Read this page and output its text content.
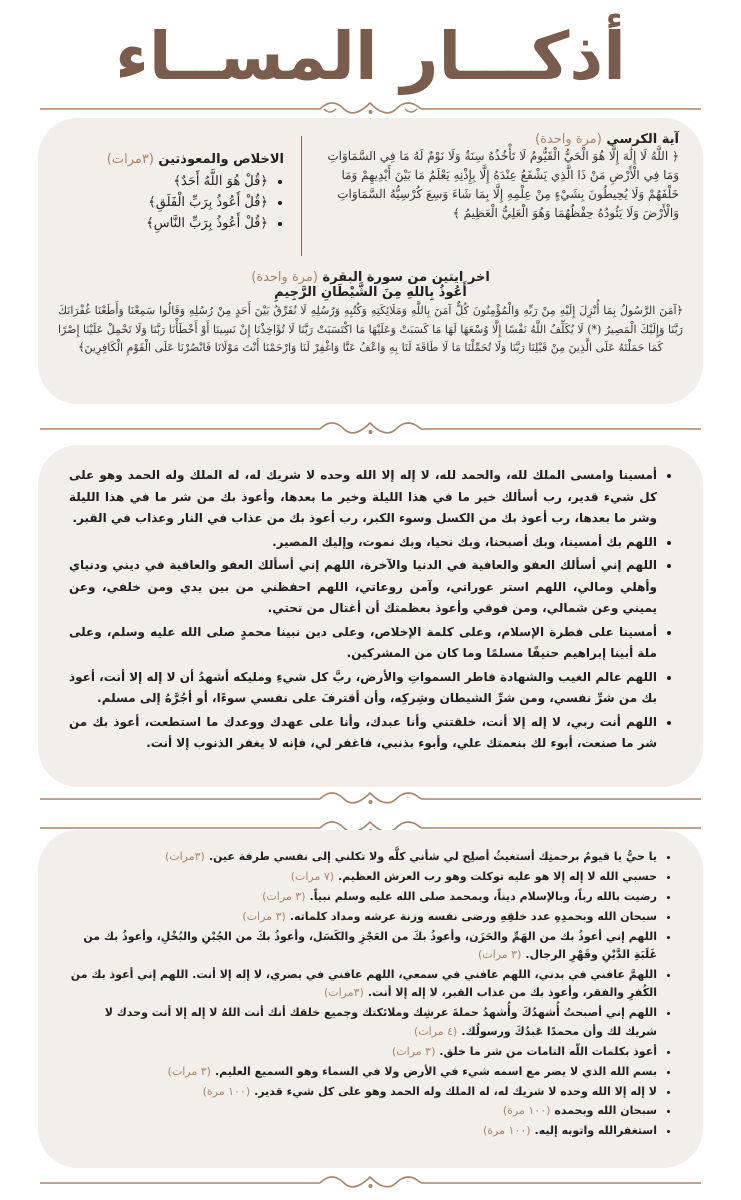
أذكـــار المســاء
آية الكرسي (مرة واحدة)
﴿ اللَّهُ لَا إِلَٰهَ إِلَّا هُوَ الْحَيُّ الْقَيُّومُ لَا تَأْخُذُهُ سِنَةٌ وَلَا نَوْمٌ لَهُ مَا فِي السَّمَاوَاتِ وَمَا فِي الْأَرْضِ مَنْ ذَا الَّذِي يَشْفَعُ عِنْدَهُ إِلَّا بِإِذْنِهِ يَعْلَمُ مَا بَيْنَ أَيْدِيهِمْ وَمَا خَلْفَهُمْ وَلَا يُحِيطُونَ بِشَيْءٍ مِنْ عِلْمِهِ إِلَّا بِمَا شَاءَ وَسِعَ كُرْسِيُّهُ السَّمَاوَاتِ وَالْأَرْضَ وَلَا يَئُودُهُ حِفْظُهُمَا وَهُوَ الْعَلِيُّ الْعَظِيمُ ﴾
الاخلاص والمعوذتين (٣مرات)
• ﴿قُلْ هُوَ اللَّهُ أَحَدٌ﴾
• ﴿قُلْ أَعُوذُ بِرَبِّ الْفَلَقِ﴾
• ﴿قُلْ أَعُوذُ بِرَبِّ النَّاسِ﴾
اخر ايتين من سورة البقرة (مرة واحدة)
أَعُوذُ بِاللهِ مِنَ الشَّيْطَانِ الرَّجِيمِ
﴿آمَنَ الرَّسُولُ بِمَا أُنْزِلَ إِلَيْهِ مِنْ رَبِّهِ وَالْمُؤْمِنُونَ كُلٌّ آمَنَ بِاللَّهِ وَمَلَائِكَتِهِ وَكُتُبِهِ وَرُسُلِهِ لَا نُفَرِّقُ بَيْنَ أَحَدٍ مِنْ رُسُلِهِ وَقَالُوا سَمِعْنَا وَأَطَعْنَا غُفْرَانَكَ رَبَّنَا وَإِلَيْكَ الْمَصِيرُ (*) لَا يُكَلِّفُ اللَّهُ نَفْسًا إِلَّا وُسْعَهَا لَهَا مَا كَسَبَتْ وَعَلَيْهَا مَا اكْتَسَبَتْ رَبَّنَا لَا تُؤَاخِذْنَا إِنْ نَسِينَا أَوْ أَخْطَأْنَا رَبَّنَا وَلَا تَحْمِلْ عَلَيْنَا إِصْرًا كَمَا حَمَلْتَهُ عَلَى الَّذِينَ مِنْ قَبْلِنَا رَبَّنَا وَلَا تُحَمِّلْنَا مَا لَا طَاقَةَ لَنَا بِهِ وَاعْفُ عَنَّا وَاغْفِرْ لَنَا وَارْحَمْنَا أَنْتَ مَوْلَانَا فَانْصُرْنَا عَلَى الْقَوْمِ الْكَافِرِينَ﴾
• أمسينا وامسى الملك لله، والحمد لله، لا إله إلا الله وحده لا شريك له، له الملك وله الحمد وهو على كل شيء قدير، رب أسألك خير ما في هذا الليلة وخير ما بعدها، وأعوذ بك من شر ما في هذا الليلة وشر ما بعدها، رب أعوذ بك من الكسل وسوء الكبر، رب أعوذ بك من عذاب في النار وعذاب في القبر.
• اللهم بك أمسينا، وبك أصبحنا، وبك نحيا، وبك نموت، وإليك المصير.
• اللهم إني أسألك العفو والعافية في الدنيا والآخرة، اللهم إني أسألك العفو والعافية في ديني ودنياي وأهلي ومالي، اللهم استر عوراتي، وآمن روعاتي، اللهم احفظني من بين يدي ومن خلفي، وعن يميني وعن شمالي، ومن فوقي وأعوذ بعظمتك أن أغتال من تحتي.
• أمسينا على فطرة الإسلام، وعلى كلمة الإخلاص، وعلى دين نبينا محمدٍ صلى الله عليه وسلم، وعلى ملة أبينا إبراهيم حنيفًا مسلمًا وما كان من المشركين.
• اللهم عالم الغيب والشهادة فاطر السمواتِ والأرض، ربَّ كل شيءِ ومليكه أشهدُ أن لا إله إلا أنت، أعوذ بك من شرِّ نفسي، ومن شرِّ الشيطان وشِركِه، وأن أقترفَ على نفسي سوءًا، أو أجُرَّهُ إلى مسلم.
• اللهم أنت ربي، لا إله إلا أنت، خلقتني وأنا عبدك، وأنا على عهدك ووعدك ما استطعت، أعوذ بك من شر ما صنعت، أبوء لك بنعمتك علي، وأبوء بذنبي، فاغفر لي، فإنه لا يغفر الذنوب إلا أنت.
• يا حيُّ يا قيومُ برحمتِك أستغيثُ أصلِح لي شأني كلَّه ولا تكلني إلى نفسي طرفة عين.(٣مرات)
• حسبي الله لا إله إلا هو عليه توكلت وهو رب العرش العظيم.(٧ مرات)
• رضيت بالله رباً، وبالإسلام ديناً، وبمحمد صلى الله عليه وسلم نبياً.(٣ مرات)
• سبحان الله وبحمدِهِ عدد خلقِهِ ورضى نفسه وزنة عرشه ومداد كلماته.(٣ مرات)
• اللهم إني أعوذُ بك من الهَمِّ والحَزَن، وأعوذُ بكَ من العَجْزِ والكَسَل، وأعوذُ بكَ من الجُبْنِ والبُخْلِ، وأعوذُ بك من غَلَبَةِ الدَّيْنِ وقَهْرِ الرجال.(٣ مرات)
• اللهمَّ عافني في بدني، اللهم عافني في سمعي، اللهم عافني في بصري، لا إله إلا أنت. اللهم إني أعوذ بك من الكُفرِ والفقر، وأعوذ بك من عذاب القبر، لا إله إلا أنت.(٣مرات)
• اللهم إني أصبحتُ أُشهدُكَ وأُشهدُ حملةَ عرشِك وملائكتك وجميع خلقك أنك أنت اللهُ لا إله إلا أنت وحدك لا شريك لك وأن محمدًا عَبدُكَ ورسولُك.(٤ مرات)
• أعوذ بكلمات اللّه التامات من شر ما خلق.(٣ مرات)
• بسم الله الذي لا يضر مع اسمه شيء في الأرض ولا في السماء وهو السميع العليم.(٣ مرات)
• لا إله إلا الله وحده لا شريك له، له الملك وله الحمد وهو على كل شيء قدير.(١٠٠ مرة)
• سبحان الله وبحمده(١٠٠ مرة)
• استغفرالله واتوبه إليه.(١٠٠ مرة)
